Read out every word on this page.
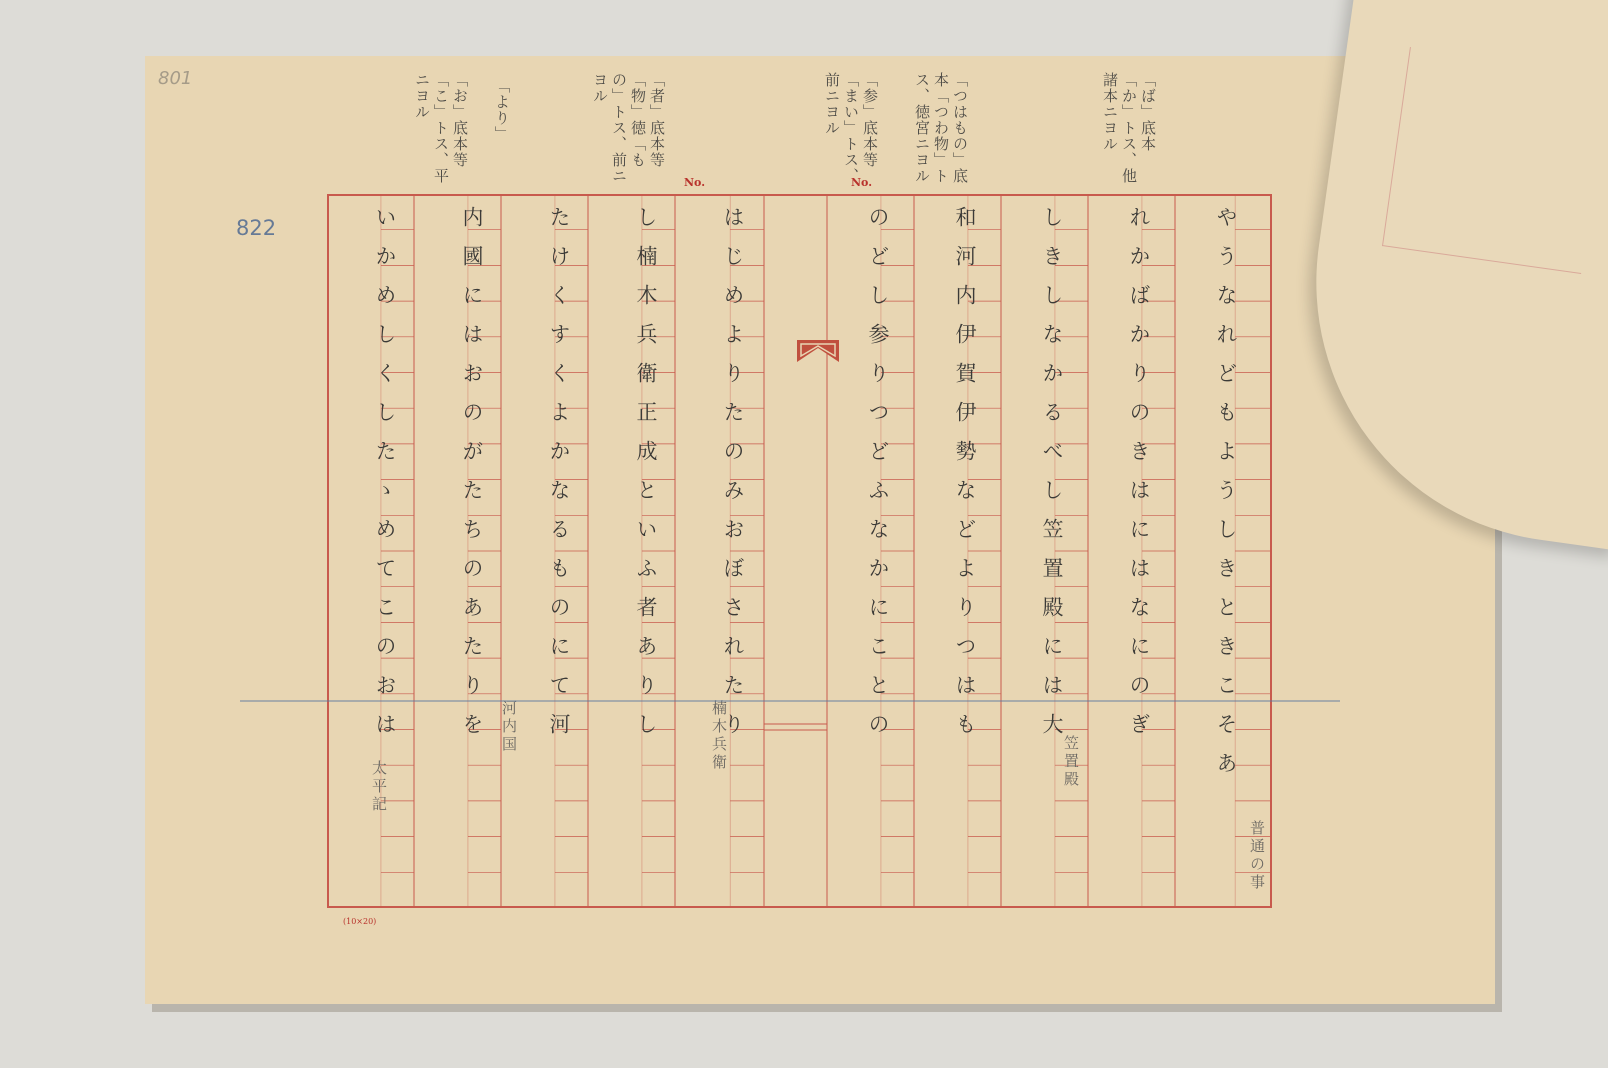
801
822
「ば」底本「か」トス、他諸本ニヨル
「つはもの」底本「つわ物」トス、徳宮ニヨル
「参」底本等「まい」トス、前ニヨル
「者」底本等「物」徳「もの」トス、前ニヨル
「より」
「お」底本等「こ」トス、平ニヨル
No.	No.
やうなれどもようしきときこそあ
れかばかりのきはにはなにのぎ
しきしなかるべし笠置殿には大
和河内伊賀伊勢などよりつはも
のどし参りつどふなかにことの
はじめよりたのみおぼされたり
し楠木兵衛正成といふ者ありし
たけくすくよかなるものにて河
内國にはおのがたちのあたりを
いかめしくしたゝめてこのおは
普通の事
笠置殿
楠木兵衛
河内国
太平記
(10×20)
